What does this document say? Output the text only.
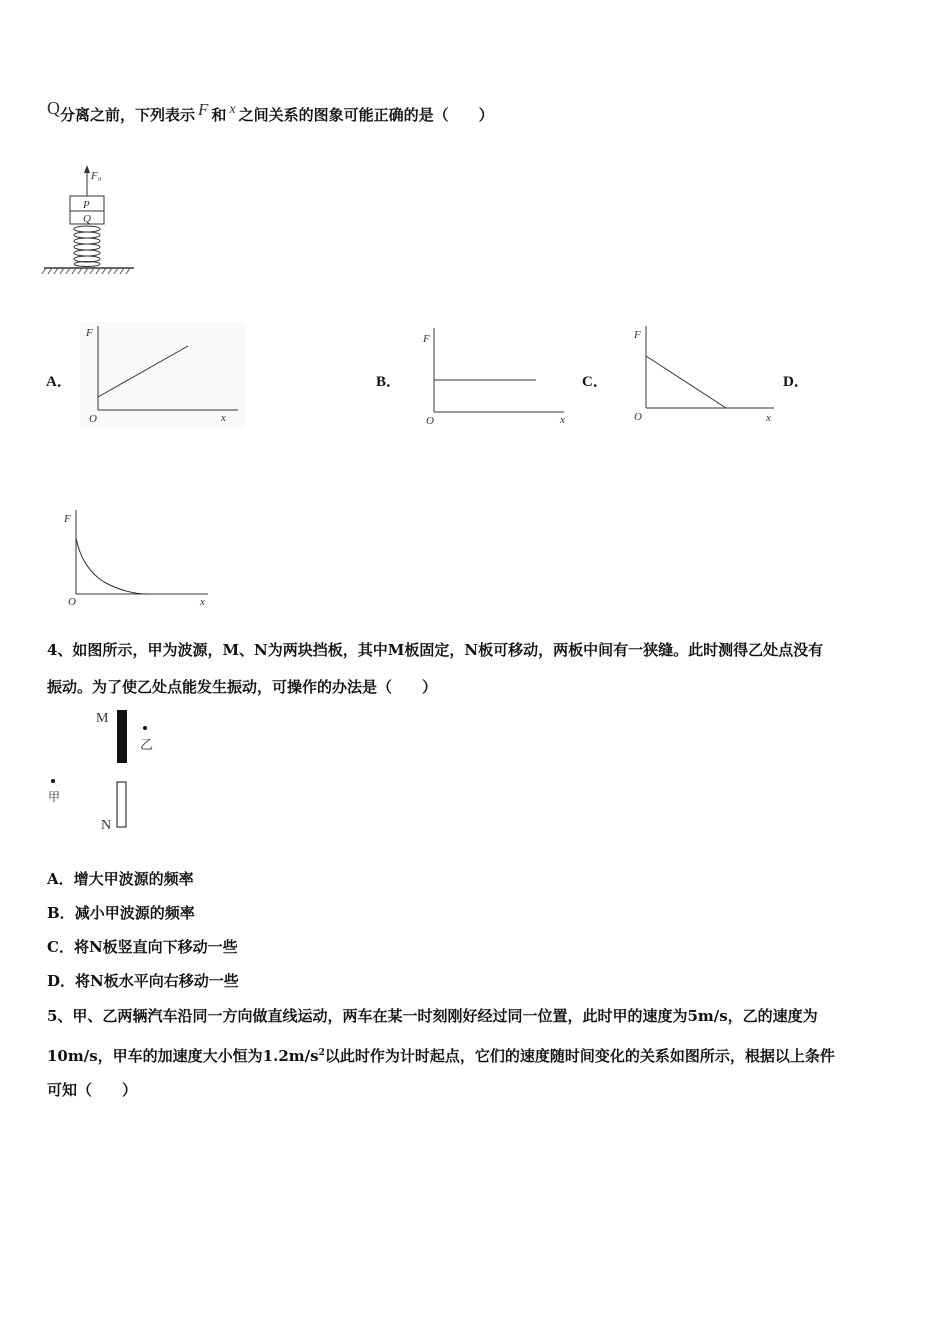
Q分离之前，下列表示 F 和 x 之间关系的图象可能正确的是（　　）
F₀
P
Q
A．	B．	C．	D．
F
x
O
F
x
O
F
x
O
F
x
O
4、如图所示，甲为波源，M、N为两块挡板，其中M板固定，N板可移动，两板中间有一狭缝。此时测得乙处点没有
振动。为了使乙处点能发生振动，可操作的办法是（　　）
M
乙
甲
N
A．增大甲波源的频率
B．减小甲波源的频率
C．将N板竖直向下移动一些
D．将N板水平向右移动一些
5、甲、乙两辆汽车沿同一方向做直线运动，两车在某一时刻刚好经过同一位置，此时甲的速度为5m/s，乙的速度为
10m/s，甲车的加速度大小恒为$1.2m/s^2$以此时作为计时起点，它们的速度随时间变化的关系如图所示，根据以上条件
可知（　　）
